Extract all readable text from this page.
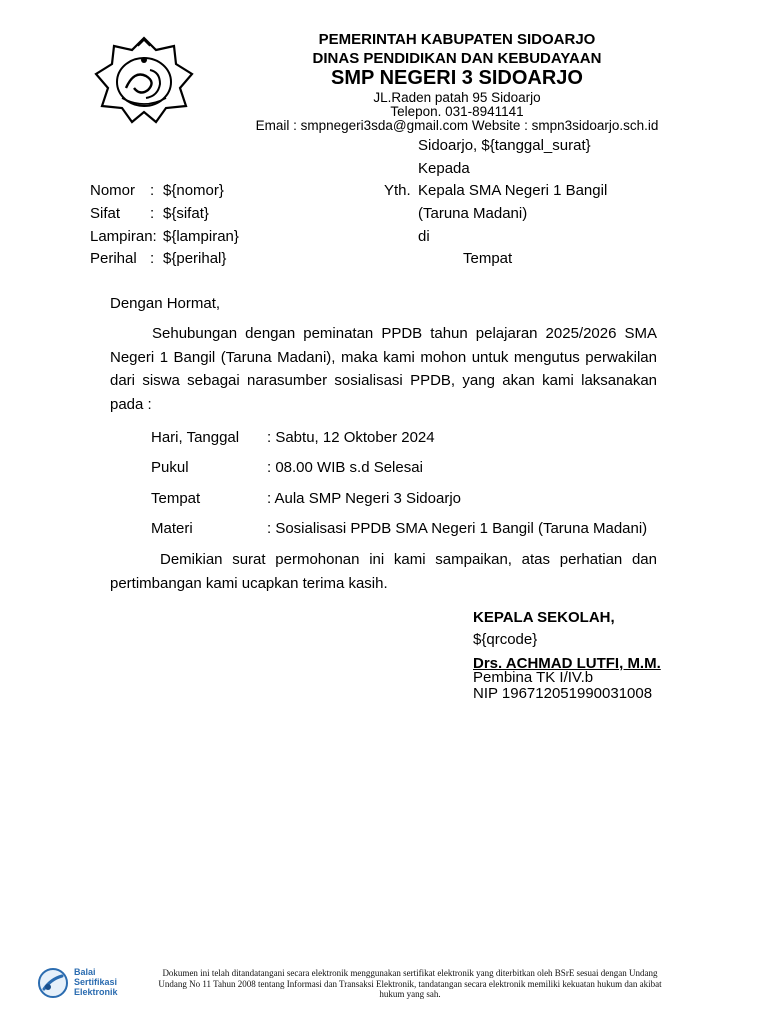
PEMERINTAH KABUPATEN SIDOARJO
DINAS PENDIDIKAN DAN KEBUDAYAAN
SMP NEGERI 3 SIDOARJO
JL.Raden patah 95 Sidoarjo
Telepon. 031-8941141
Email : smpnegeri3sda@gmail.com Website : smpn3sidoarjo.sch.id
Sidoarjo, ${tanggal_surat}
Kepada
Yth. Kepala SMA Negeri 1 Bangil
(Taruna Madani)
di
Tempat
Nomor : ${nomor}
Sifat : ${sifat}
Lampiran: ${lampiran}
Perihal : ${perihal}
Dengan Hormat,
Sehubungan dengan peminatan PPDB tahun pelajaran 2025/2026 SMA Negeri 1 Bangil (Taruna Madani), maka kami mohon untuk mengutus perwakilan dari siswa sebagai narasumber sosialisasi PPDB, yang akan kami laksanakan pada :
Hari, Tanggal : Sabtu, 12 Oktober 2024
Pukul	: 08.00 WIB s.d Selesai
Tempat	: Aula SMP Negeri 3 Sidoarjo
Materi	: Sosialisasi PPDB SMA Negeri 1 Bangil (Taruna Madani)
Demikian surat permohonan ini kami sampaikan, atas perhatian dan pertimbangan kami ucapkan terima kasih.
KEPALA SEKOLAH,
${qrcode}
Drs. ACHMAD LUTFI, M.M.
Pembina TK I/IV.b
NIP 196712051990031008
Balai
Sertifikasi
Elektronik
Dokumen ini telah ditandatangani secara elektronik menggunakan sertifikat elektronik yang diterbitkan oleh BSrE sesuai dengan Undang Undang No 11 Tahun 2008 tentang Informasi dan Transaksi Elektronik, tandatangan secara elektronik memiliki kekuatan hukum dan akibat hukum yang sah.
